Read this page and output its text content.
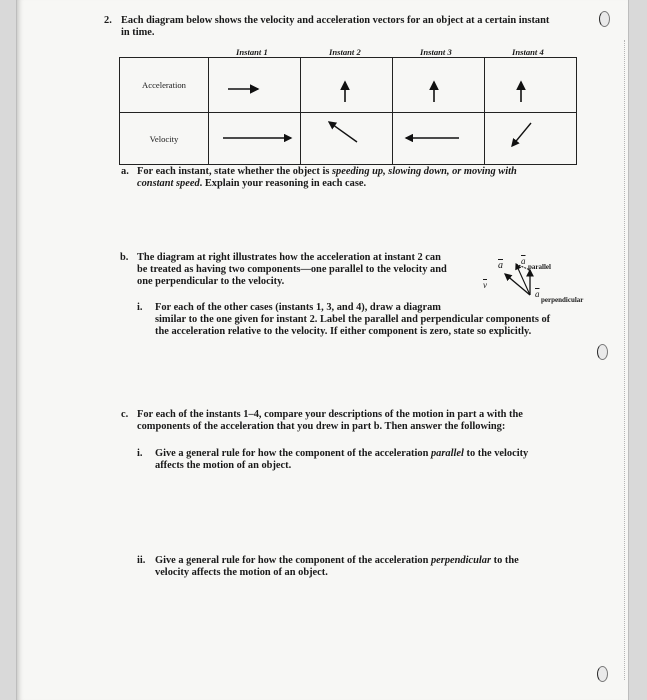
2. Each diagram below shows the velocity and acceleration vectors for an object at a certain instant
in time.
Instant 1	Instant 2	Instant 3	Instant 4
Acceleration				
Velocity				
a. For each instant, state whether the object is speeding up, slowing down, or moving with
constant speed. Explain your reasoning in each case.
b. The diagram at right illustrates how the acceleration at instant 2 can
be treated as having two components—one parallel to the velocity and
one perpendicular to the velocity.
$\overline{a}$ $\overline{a}$
parallel
$\overline{v}$
$\overline{a}$
perpendicular
i. For each of the other cases (instants 1, 3, and 4), draw a diagram
similar to the one given for instant 2. Label the parallel and perpendicular components of
the acceleration relative to the velocity. If either component is zero, state so explicitly.
c. For each of the instants 1–4, compare your descriptions of the motion in part a with the
components of the acceleration that you drew in part b. Then answer the following:
i. Give a general rule for how the component of the acceleration parallel to the velocity
affects the motion of an object.
ii. Give a general rule for how the component of the acceleration perpendicular to the
velocity affects the motion of an object.
